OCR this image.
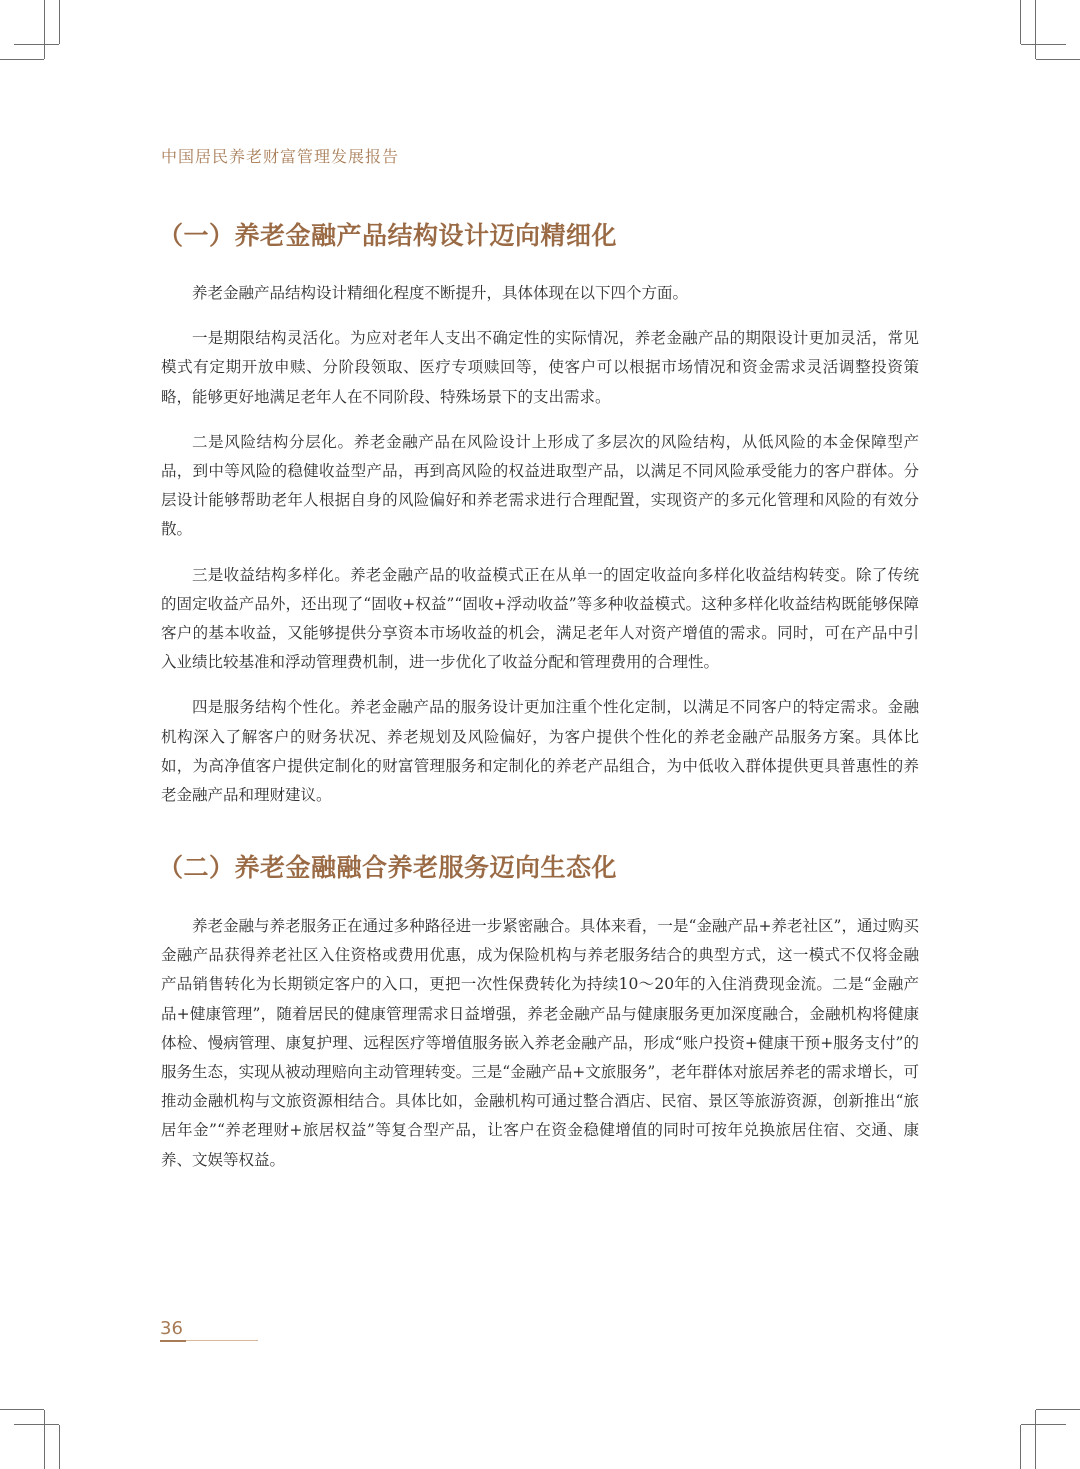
中国居民养老财富管理发展报告
（一）养老金融产品结构设计迈向精细化

养老金融产品结构设计精细化程度不断提升，具体体现在以下四个方面。

一是期限结构灵活化。为应对老年人支出不确定性的实际情况，养老金融产品的期限设计更加灵活，常见模式有定期开放申赎、分阶段领取、医疗专项赎回等，使客户可以根据市场情况和资金需求灵活调整投资策略，能够更好地满足老年人在不同阶段、特殊场景下的支出需求。

二是风险结构分层化。养老金融产品在风险设计上形成了多层次的风险结构，从低风险的本金保障型产品，到中等风险的稳健收益型产品，再到高风险的权益进取型产品，以满足不同风险承受能力的客户群体。分层设计能够帮助老年人根据自身的风险偏好和养老需求进行合理配置，实现资产的多元化管理和风险的有效分散。

三是收益结构多样化。养老金融产品的收益模式正在从单一的固定收益向多样化收益结构转变。除了传统的固定收益产品外，还出现了“固收+权益”“固收+浮动收益”等多种收益模式。这种多样化收益结构既能够保障客户的基本收益，又能够提供分享资本市场收益的机会，满足老年人对资产增值的需求。同时，可在产品中引入业绩比较基准和浮动管理费机制，进一步优化了收益分配和管理费用的合理性。

四是服务结构个性化。养老金融产品的服务设计更加注重个性化定制，以满足不同客户的特定需求。金融机构深入了解客户的财务状况、养老规划及风险偏好，为客户提供个性化的养老金融产品服务方案。具体比如，为高净值客户提供定制化的财富管理服务和定制化的养老产品组合，为中低收入群体提供更具普惠性的养老金融产品和理财建议。

（二）养老金融融合养老服务迈向生态化

养老金融与养老服务正在通过多种路径进一步紧密融合。具体来看，一是“金融产品+养老社区”，通过购买金融产品获得养老社区入住资格或费用优惠，成为保险机构与养老服务结合的典型方式，这一模式不仅将金融产品销售转化为长期锁定客户的入口，更把一次性保费转化为持续10～20年的入住消费现金流。二是“金融产品+健康管理”，随着居民的健康管理需求日益增强，养老金融产品与健康服务更加深度融合，金融机构将健康体检、慢病管理、康复护理、远程医疗等增值服务嵌入养老金融产品，形成“账户投资+健康干预+服务支付”的服务生态，实现从被动理赔向主动管理转变。三是“金融产品+文旅服务”，老年群体对旅居养老的需求增长，可推动金融机构与文旅资源相结合。具体比如，金融机构可通过整合酒店、民宿、景区等旅游资源，创新推出“旅居年金”“养老理财+旅居权益”等复合型产品，让客户在资金稳健增值的同时可按年兑换旅居住宿、交通、康养、文娱等权益。

36
